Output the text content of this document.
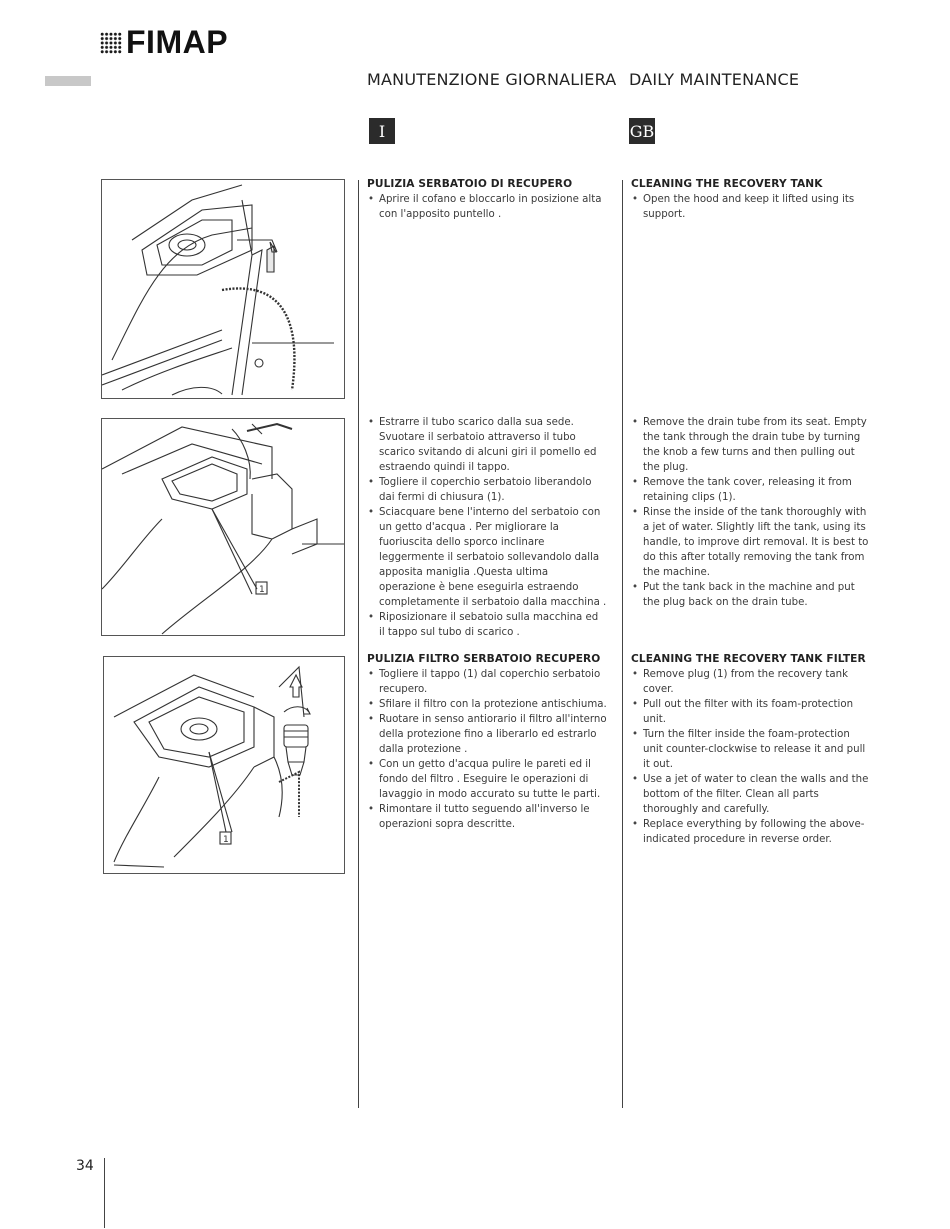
FIMAP
MANUTENZIONE GIORNALIERA DAILY MAINTENANCE
I	GB
1
1
PULIZIA SERBATOIO DI RECUPERO
• Aprire il cofano e bloccarlo in posizione alta con l'apposito puntello .
• Estrarre il tubo scarico dalla sua sede. Svuotare il serbatoio attraverso il tubo scarico svitando di alcuni giri il pomello ed estraendo quindi il tappo.
• Togliere il coperchio serbatoio liberandolo dai fermi di chiusura (1).
• Sciacquare bene l'interno del serbatoio con un getto d'acqua . Per migliorare la fuoriuscita dello sporco inclinare leggermente il serbatoio sollevandolo dalla apposita maniglia .Questa ultima operazione è bene eseguirla estraendo completamente il serbatoio dalla macchina .
• Riposizionare il sebatoio sulla macchina ed il tappo sul tubo di scarico .
PULIZIA FILTRO SERBATOIO RECUPERO
• Togliere il tappo (1) dal coperchio serbatoio recupero.
• Sfilare il filtro con la protezione antischiuma.
• Ruotare in senso antiorario il filtro all'interno della protezione fino a liberarlo ed estrarlo dalla protezione .
• Con un getto d'acqua pulire le pareti ed il fondo del filtro . Eseguire le operazioni di lavaggio in modo accurato su tutte le parti.
• Rimontare il tutto seguendo all'inverso le operazioni sopra descritte.
CLEANING THE RECOVERY TANK
• Open the hood and keep it lifted using its support.
• Remove the drain tube from its seat. Empty the tank through the drain tube by turning the knob a few turns and then pulling out the plug.
• Remove the tank cover, releasing it from retaining clips (1).
• Rinse the inside of the tank thoroughly with a jet of water. Slightly lift the tank, using its handle, to improve dirt removal. It is best to do this after totally removing the tank from the machine.
• Put the tank back in the machine and put the plug back on the drain tube.
CLEANING THE RECOVERY TANK FILTER
• Remove plug (1) from the recovery tank cover.
• Pull out the filter with its foam-protection unit.
• Turn the filter inside the foam-protection unit counter-clockwise to release it and pull it out.
• Use a jet of water to clean the walls and the bottom of the filter. Clean all parts thoroughly and carefully.
• Replace everything by following the above-indicated procedure in reverse order.
34
